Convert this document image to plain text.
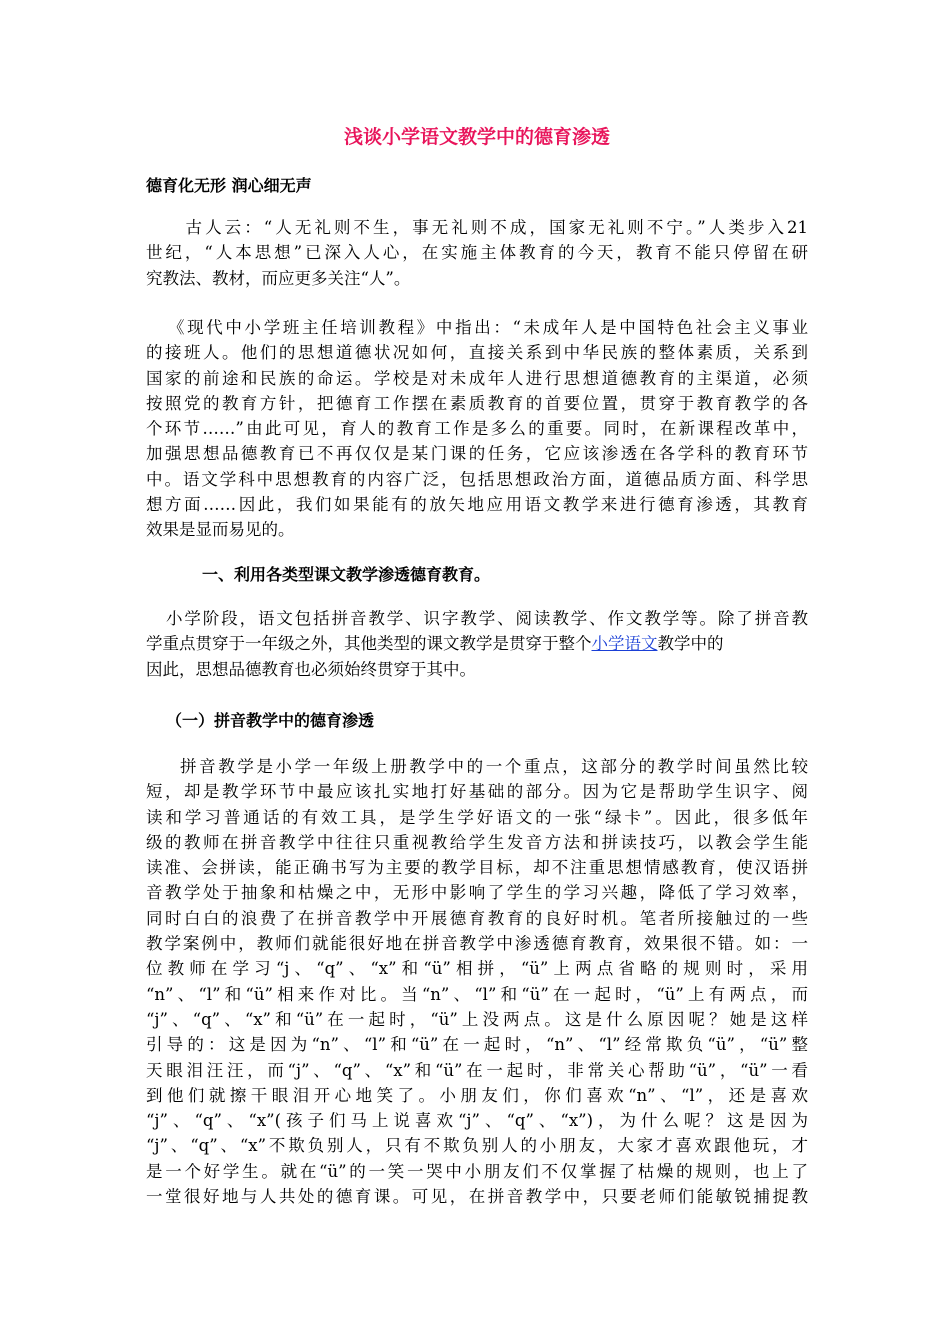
浅谈小学语文教学中的德育渗透
德育化无形 润心细无声
　古人云：“人无礼则不生，事无礼则不成，国家无礼则不宁。”人类步入21
世纪，“人本思想”已深入人心，在实施主体教育的今天，教育不能只停留在研
究教法、教材，而应更多关注“人”。
《现代中小学班主任培训教程》中指出：“未成年人是中国特色社会主义事业
的接班人。他们的思想道德状况如何，直接关系到中华民族的整体素质，关系到
国家的前途和民族的命运。学校是对未成年人进行思想道德教育的主渠道，必须
按照党的教育方针，把德育工作摆在素质教育的首要位置，贯穿于教育教学的各
个环节……”由此可见，育人的教育工作是多么的重要。同时，在新课程改革中，
加强思想品德教育已不再仅仅是某门课的任务，它应该渗透在各学科的教育环节
中。语文学科中思想教育的内容广泛，包括思想政治方面，道德品质方面、科学思
想方面……因此，我们如果能有的放矢地应用语文教学来进行德育渗透，其教育
效果是显而易见的。
一、利用各类型课文教学渗透德育教育。
小学阶段，语文包括拼音教学、识字教学、阅读教学、作文教学等。除了拼音教
学重点贯穿于一年级之外，其他类型的课文教学是贯穿于整个小学语文教学中的
因此，思想品德教育也必须始终贯穿于其中。
（一）拼音教学中的德育渗透
拼音教学是小学一年级上册教学中的一个重点，这部分的教学时间虽然比较
短，却是教学环节中最应该扎实地打好基础的部分。因为它是帮助学生识字、阅
读和学习普通话的有效工具，是学生学好语文的一张“绿卡”。因此，很多低年
级的教师在拼音教学中往往只重视教给学生发音方法和拼读技巧，以教会学生能
读准、会拼读，能正确书写为主要的教学目标，却不注重思想情感教育，使汉语拼
音教学处于抽象和枯燥之中，无形中影响了学生的学习兴趣，降低了学习效率，
同时白白的浪费了在拼音教学中开展德育教育的良好时机。笔者所接触过的一些
教学案例中，教师们就能很好地在拼音教学中渗透德育教育，效果很不错。如：一
位教师在学习“j、“q”、“x”和“ü”相拼，“ü”上两点省略的规则时，采用
“n”、“l”和“ü”相来作对比。当“n”、“l”和“ü”在一起时，“ü”上有两点，而
“j”、“q”、“x”和“ü”在一起时，“ü”上没两点。这是什么原因呢？她是这样
引导的：这是因为“n”、“l”和“ü”在一起时，“n”、“l”经常欺负“ü”，“ü”整
天眼泪汪汪，而“j”、“q”、“x”和“ü”在一起时，非常关心帮助“ü”，“ü”一看
到他们就擦干眼泪开心地笑了。小朋友们，你们喜欢“n”、“l”，还是喜欢
“j”、“q”、“x”(孩子们马上说喜欢“j”、“q”、“x”)，为什么呢？这是因为
“j”、“q”、“x”不欺负别人，只有不欺负别人的小朋友，大家才喜欢跟他玩，才
是一个好学生。就在“ü”的一笑一哭中小朋友们不仅掌握了枯燥的规则，也上了
一堂很好地与人共处的德育课。可见，在拼音教学中，只要老师们能敏锐捕捉教
